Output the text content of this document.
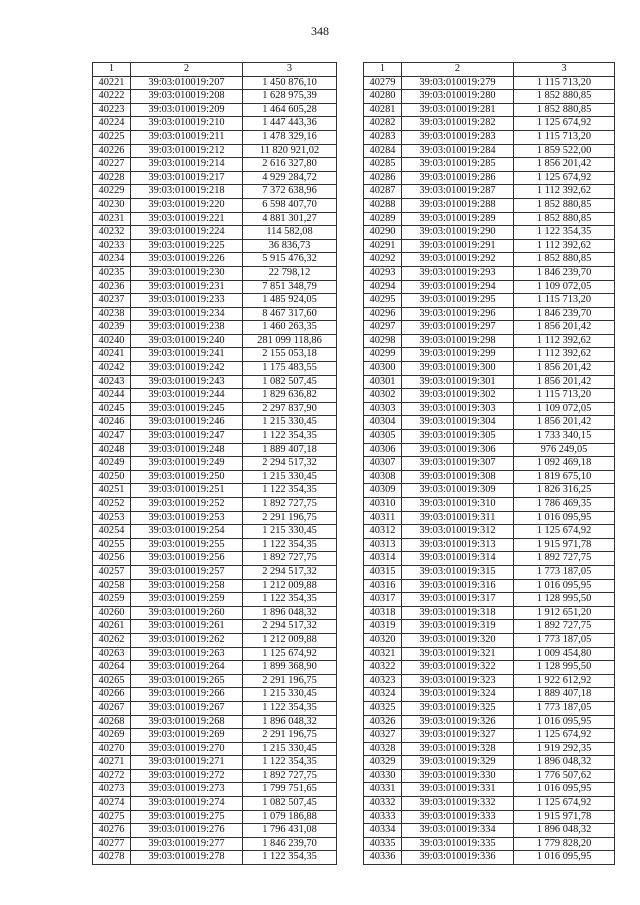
348
1	2	3
40221	39:03:010019:207	1 450 876,10
40222	39:03:010019:208	1 628 975,39
40223	39:03:010019:209	1 464 605,28
40224	39:03:010019:210	1 447 443,36
40225	39:03:010019:211	1 478 329,16
40226	39:03:010019:212	11 820 921,02
40227	39:03:010019:214	2 616 327,80
40228	39:03:010019:217	4 929 284,72
40229	39:03:010019:218	7 372 638,96
40230	39:03:010019:220	6 598 407,70
40231	39:03:010019:221	4 881 301,27
40232	39:03:010019:224	114 582,08
40233	39:03:010019:225	36 836,73
40234	39:03:010019:226	5 915 476,32
40235	39:03:010019:230	22 798,12
40236	39:03:010019:231	7 851 348,79
40237	39:03:010019:233	1 485 924,05
40238	39:03:010019:234	8 467 317,60
40239	39:03:010019:238	1 460 263,35
40240	39:03:010019:240	281 099 118,86
40241	39:03:010019:241	2 155 053,18
40242	39:03:010019:242	1 175 483,55
40243	39:03:010019:243	1 082 507,45
40244	39:03:010019:244	1 829 636,82
40245	39:03:010019:245	2 297 837,90
40246	39:03:010019:246	1 215 330,45
40247	39:03:010019:247	1 122 354,35
40248	39:03:010019:248	1 889 407,18
40249	39:03:010019:249	2 294 517,32
40250	39:03:010019:250	1 215 330,45
40251	39:03:010019:251	1 122 354,35
40252	39:03:010019:252	1 892 727,75
40253	39:03:010019:253	2 291 196,75
40254	39:03:010019:254	1 215 330,45
40255	39:03:010019:255	1 122 354,35
40256	39:03:010019:256	1 892 727,75
40257	39:03:010019:257	2 294 517,32
40258	39:03:010019:258	1 212 009,88
40259	39:03:010019:259	1 122 354,35
40260	39:03:010019:260	1 896 048,32
40261	39:03:010019:261	2 294 517,32
40262	39:03:010019:262	1 212 009,88
40263	39:03:010019:263	1 125 674,92
40264	39:03:010019:264	1 899 368,90
40265	39:03:010019:265	2 291 196,75
40266	39:03:010019:266	1 215 330,45
40267	39:03:010019:267	1 122 354,35
40268	39:03:010019:268	1 896 048,32
40269	39:03:010019:269	2 291 196,75
40270	39:03:010019:270	1 215 330,45
40271	39:03:010019:271	1 122 354,35
40272	39:03:010019:272	1 892 727,75
40273	39:03:010019:273	1 799 751,65
40274	39:03:010019:274	1 082 507,45
40275	39:03:010019:275	1 079 186,88
40276	39:03:010019:276	1 796 431,08
40277	39:03:010019:277	1 846 239,70
40278	39:03:010019:278	1 122 354,35
1	2	3
40279	39:03:010019:279	1 115 713,20
40280	39:03:010019:280	1 852 880,85
40281	39:03:010019:281	1 852 880,85
40282	39:03:010019:282	1 125 674,92
40283	39:03:010019:283	1 115 713,20
40284	39:03:010019:284	1 859 522,00
40285	39:03:010019:285	1 856 201,42
40286	39:03:010019:286	1 125 674,92
40287	39:03:010019:287	1 112 392,62
40288	39:03:010019:288	1 852 880,85
40289	39:03:010019:289	1 852 880,85
40290	39:03:010019:290	1 122 354,35
40291	39:03:010019:291	1 112 392,62
40292	39:03:010019:292	1 852 880,85
40293	39:03:010019:293	1 846 239,70
40294	39:03:010019:294	1 109 072,05
40295	39:03:010019:295	1 115 713,20
40296	39:03:010019:296	1 846 239,70
40297	39:03:010019:297	1 856 201,42
40298	39:03:010019:298	1 112 392,62
40299	39:03:010019:299	1 112 392,62
40300	39:03:010019:300	1 856 201,42
40301	39:03:010019:301	1 856 201,42
40302	39:03:010019:302	1 115 713,20
40303	39:03:010019:303	1 109 072,05
40304	39:03:010019:304	1 856 201,42
40305	39:03:010019:305	1 733 340,15
40306	39:03:010019:306	976 249,05
40307	39:03:010019:307	1 092 469,18
40308	39:03:010019:308	1 819 675,10
40309	39:03:010019:309	1 826 316,25
40310	39:03:010019:310	1 786 469,35
40311	39:03:010019:311	1 016 095,95
40312	39:03:010019:312	1 125 674,92
40313	39:03:010019:313	1 915 971,78
40314	39:03:010019:314	1 892 727,75
40315	39:03:010019:315	1 773 187,05
40316	39:03:010019:316	1 016 095,95
40317	39:03:010019:317	1 128 995,50
40318	39:03:010019:318	1 912 651,20
40319	39:03:010019:319	1 892 727,75
40320	39:03:010019:320	1 773 187,05
40321	39:03:010019:321	1 009 454,80
40322	39:03:010019:322	1 128 995,50
40323	39:03:010019:323	1 922 612,92
40324	39:03:010019:324	1 889 407,18
40325	39:03:010019:325	1 773 187,05
40326	39:03:010019:326	1 016 095,95
40327	39:03:010019:327	1 125 674,92
40328	39:03:010019:328	1 919 292,35
40329	39:03:010019:329	1 896 048,32
40330	39:03:010019:330	1 776 507,62
40331	39:03:010019:331	1 016 095,95
40332	39:03:010019:332	1 125 674,92
40333	39:03:010019:333	1 915 971,78
40334	39:03:010019:334	1 896 048,32
40335	39:03:010019:335	1 779 828,20
40336	39:03:010019:336	1 016 095,95
